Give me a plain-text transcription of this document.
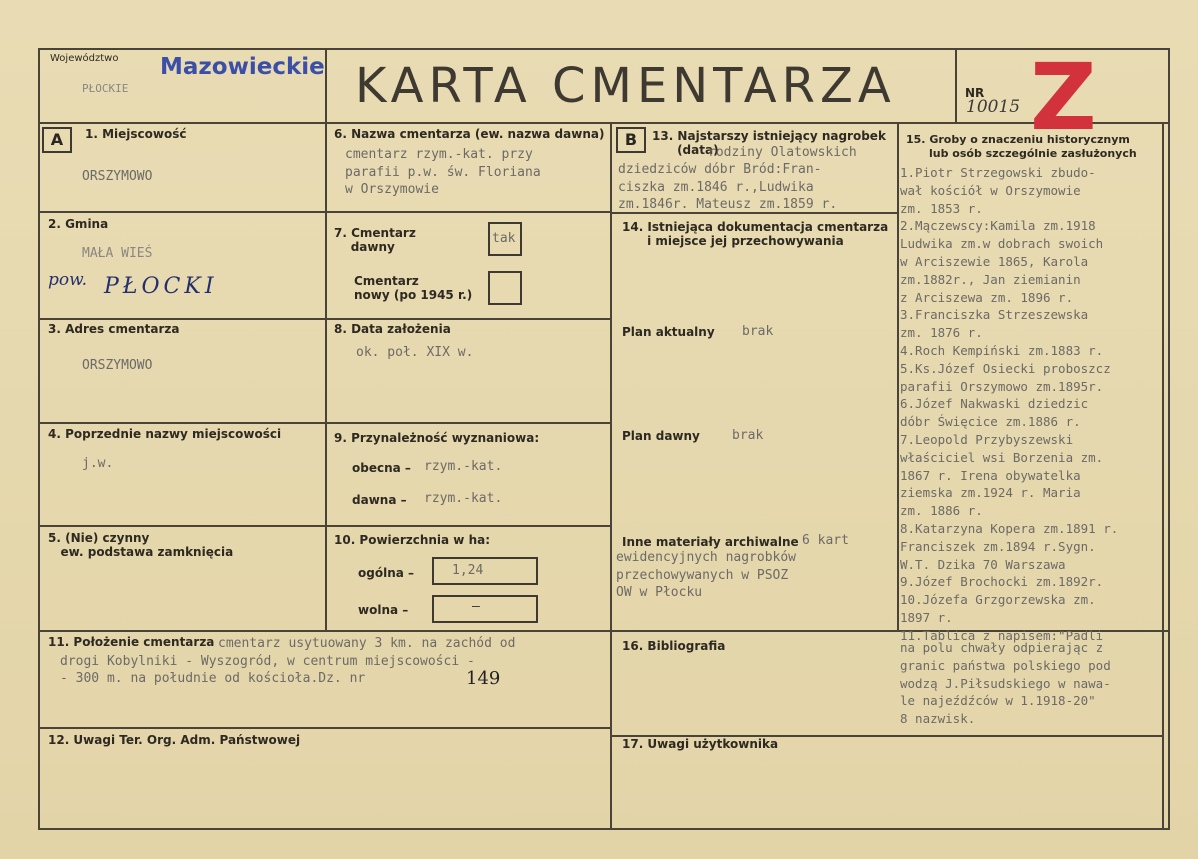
Województwo
PŁOCKIE
Mazowieckie KARTA CMENTARZA	NR
10015 Z
A	1. Miejscowość
ORSZYMOWO
2. Gmina
MAŁA WIEŚ
pow. PŁOCKI
3. Adres cmentarza
ORSZYMOWO
4. Poprzednie nazwy miejscowości
j.w.
5. (Nie) czynny
ew. podstawa zamknięcia
6. Nazwa cmentarza (ew. nazwa dawna)
cmentarz rzym.-kat. przy
parafii p.w. św. Floriana
w Orszymowie
7. Cmentarz
dawny
tak
Cmentarz
nowy (po 1945 r.)
8. Data założenia
ok. poł. XIX w.
9. Przynależność wyznaniowa:
obecna – rzym.-kat.
dawna – rzym.-kat.
10. Powierzchnia w ha:
ogólna –	1,24
wolna –	—
11. Położenie cmentarza cmentarz usytuowany 3 km. na zachód od
drogi Kobylniki - Wyszogród, w centrum miejscowości -
- 300 m. na południe od kościoła.Dz. nr	149
12. Uwagi Ter. Org. Adm. Państwowej
B	13. Najstarszy istniejący nagrobek
(data)
rodziny Olatowskich
dziedziców dóbr Bród:Fran-
ciszka zm.1846 r.,Ludwika
zm.1846r. Mateusz zm.1859 r.
14. Istniejąca dokumentacja cmentarza
i miejsce jej przechowywania
Plan aktualny brak
Plan dawny brak
Inne materiały archiwalne 6 kart
ewidencyjnych nagrobków
przechowywanych w PSOZ
OW w Płocku
15. Groby o znaczeniu historycznym
lub osób szczególnie zasłużonych
1.Piotr Strzegowski zbudo-
wał kościół w Orszymowie
zm. 1853 r.
2.Mączewscy:Kamila zm.1918
Ludwika zm.w dobrach swoich
w Arciszewie 1865, Karola
zm.1882r., Jan ziemianin
z Arciszewa zm. 1896 r.
3.Franciszka Strzeszewska
zm. 1876 r.
4.Roch Kempiński zm.1883 r.
5.Ks.Józef Osiecki proboszcz
parafii Orszymowo zm.1895r.
6.Józef Nakwaski dziedzic
dóbr Święcice zm.1886 r.
7.Leopold Przybyszewski
właściciel wsi Borzenia zm.
1867 r. Irena obywatelka
ziemska zm.1924 r. Maria
zm. 1886 r.
8.Katarzyna Kopera zm.1891 r.
Franciszek zm.1894 r.Sygn.
W.T. Dzika 70 Warszawa
9.Józef Brochocki zm.1892r.
10.Józefa Grzgorzewska zm.
1897 r.
11.Tablica z napisem:"Padli
16. Bibliografia	na polu chwały odpierając z
granic państwa polskiego pod
wodzą J.Piłsudskiego w nawa-
le najeźdźców w 1.1918-20"
8 nazwisk.
17. Uwagi użytkownika
